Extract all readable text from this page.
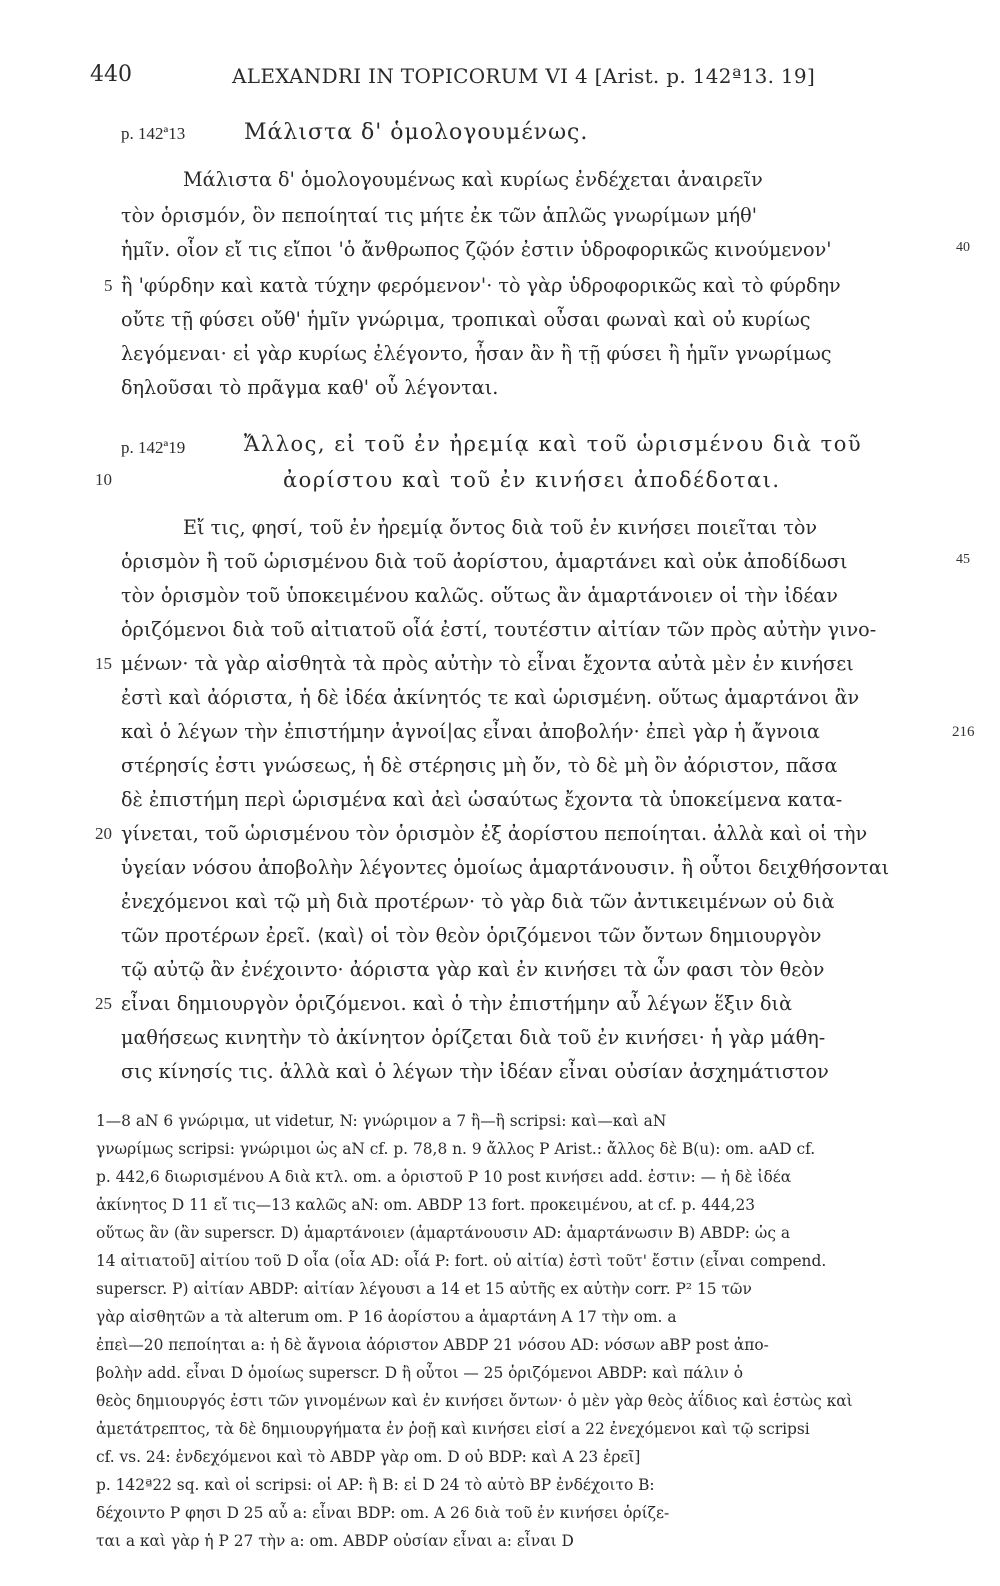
440	ALEXANDRI IN TOPICORUM VI 4 [Arist. p. 142ª13. 19]
p. 142ª13	Μάλιστα δ' ὁμολογουμένως.
Μάλιστα δ' ὁμολογουμένως καὶ κυρίως ἐνδέχεται ἀναιρεῖν
τὸν ὁρισμόν, ὃν πεποίηταί τις μήτε ἐκ τῶν ἁπλῶς γνωρίμων μήθ'
ἡμῖν. οἷον εἴ τις εἴποι 'ὁ ἄνθρωπος ζῷόν ἐστιν ὑδροφορικῶς κινούμενον'
ἢ 'φύρδην καὶ κατὰ τύχην φερόμενον'· τὸ γὰρ ὑδροφορικῶς καὶ τὸ φύρδην
οὔτε τῇ φύσει οὔθ' ἡμῖν γνώριμα, τροπικαὶ οὖσαι φωναὶ καὶ οὐ κυρίως
λεγόμεναι· εἰ γὰρ κυρίως ἐλέγοντο, ἦσαν ἂν ἢ τῇ φύσει ἢ ἡμῖν γνωρίμως
δηλοῦσαι τὸ πρᾶγμα καθ' οὗ λέγονται.
p. 142ª19	Ἄλλος, εἰ τοῦ ἐν ἠρεμίᾳ καὶ τοῦ ὡρισμένου διὰ τοῦ
ἀορίστου καὶ τοῦ ἐν κινήσει ἀποδέδοται.
Εἴ τις, φησί, τοῦ ἐν ἠρεμίᾳ ὄντος διὰ τοῦ ἐν κινήσει ποιεῖται τὸν
ὁρισμὸν ἢ τοῦ ὡρισμένου διὰ τοῦ ἀορίστου, ἁμαρτάνει καὶ οὐκ ἀποδίδωσι
τὸν ὁρισμὸν τοῦ ὑποκειμένου καλῶς. οὕτως ἂν ἁμαρτάνοιεν οἱ τὴν ἰδέαν
ὁριζόμενοι διὰ τοῦ αἰτιατοῦ οἷά ἐστί, τουτέστιν αἰτίαν τῶν πρὸς αὐτὴν γινο-
μένων· τὰ γὰρ αἰσθητὰ τὰ πρὸς αὐτὴν τὸ εἶναι ἔχοντα αὐτὰ μὲν ἐν κινήσει
ἐστὶ καὶ ἀόριστα, ἡ δὲ ἰδέα ἀκίνητός τε καὶ ὡρισμένη. οὕτως ἁμαρτάνοι ἂν
καὶ ὁ λέγων τὴν ἐπιστήμην ἀγνοί|ας εἶναι ἀποβολήν· ἐπεὶ γὰρ ἡ ἄγνοια
στέρησίς ἐστι γνώσεως, ἡ δὲ στέρησις μὴ ὄν, τὸ δὲ μὴ ὂν ἀόριστον, πᾶσα
δὲ ἐπιστήμη περὶ ὡρισμένα καὶ ἀεὶ ὡσαύτως ἔχοντα τὰ ὑποκείμενα κατα-
γίνεται, τοῦ ὡρισμένου τὸν ὁρισμὸν ἐξ ἀορίστου πεποίηται. ἀλλὰ καὶ οἱ τὴν
ὑγείαν νόσου ἀποβολὴν λέγοντες ὁμοίως ἁμαρτάνουσιν. ἢ οὗτοι δειχθήσονται
ἐνεχόμενοι καὶ τῷ μὴ διὰ προτέρων· τὸ γὰρ διὰ τῶν ἀντικειμένων οὐ διὰ
τῶν προτέρων ἐρεῖ. ⟨καὶ⟩ οἱ τὸν θεὸν ὁριζόμενοι τῶν ὄντων δημιουργὸν
τῷ αὐτῷ ἂν ἐνέχοιντο· ἀόριστα γὰρ καὶ ἐν κινήσει τὰ ὧν φασι τὸν θεὸν
εἶναι δημιουργὸν ὁριζόμενοι. καὶ ὁ τὴν ἐπιστήμην αὖ λέγων ἕξιν διὰ
μαθήσεως κινητὴν τὸ ἀκίνητον ὁρίζεται διὰ τοῦ ἐν κινήσει· ἡ γὰρ μάθη-
σις κίνησίς τις. ἀλλὰ καὶ ὁ λέγων τὴν ἰδέαν εἶναι οὐσίαν ἀσχημάτιστον
5
10
15
20
25
40
45
216
1—8 aN 6 γνώριμα, ut videtur, N: γνώριμον a 7 ἢ—ἢ scripsi: καὶ—καὶ aN
γνωρίμως scripsi: γνώριμοι ὡς aN cf. p. 78,8 n. 9 ἄλλος P Arist.: ἄλλος δὲ B(u): om. aAD cf.
p. 442,6 διωρισμένου A διὰ κτλ. om. a ὁριστοῦ P 10 post κινήσει add. ἐστιν: — ἡ δὲ ἰδέα
ἀκίνητος D 11 εἴ τις—13 καλῶς aN: om. ABDP 13 fort. προκειμένου, at cf. p. 444,23
οὕτως ἂν (ἂν superscr. D) ἁμαρτάνοιεν (ἁμαρτάνουσιν AD: ἁμαρτάνωσιν B) ABDP: ὡς a
14 αἰτιατοῦ] αἰτίου τοῦ D οἷα (οἷα AD: οἷά P: fort. οὐ αἰτία) ἐστὶ τοῦτ' ἔστιν (εἶναι compend.
superscr. P) αἰτίαν ABDP: αἰτίαν λέγουσι a 14 et 15 αὐτῆς ex αὐτὴν corr. P² 15 τῶν
γὰρ αἰσθητῶν a τὰ alterum om. P 16 ἀορίστου a ἁμαρτάνη A 17 τὴν om. a
ἐπεὶ—20 πεποίηται a: ἡ δὲ ἄγνοια ἀόριστον ABDP 21 νόσου AD: νόσων aBP post ἀπο-
βολὴν add. εἶναι D ὁμοίως superscr. D ἢ οὗτοι — 25 ὁριζόμενοι ABDP: καὶ πάλιν ὁ
θεὸς δημιουργός ἐστι τῶν γινομένων καὶ ἐν κινήσει ὄντων· ὁ μὲν γὰρ θεὸς ἀΐδιος καὶ ἑστὼς καὶ
ἀμετάτρεπτος, τὰ δὲ δημιουργήματα ἐν ῥοῇ καὶ κινήσει εἰσί a 22 ἐνεχόμενοι καὶ τῷ scripsi
cf. vs. 24: ἐνδεχόμενοι καὶ τὸ ABDP γὰρ om. D οὐ BDP: καὶ A 23 ἐρεῖ]
p. 142ª22 sq. καὶ οἱ scripsi: οἱ AP: ἢ B: εἰ D 24 τὸ αὐτὸ BP ἐνδέχοιτο B:
δέχοιντο P φησι D 25 αὖ a: εἶναι BDP: om. A 26 διὰ τοῦ ἐν κινήσει ὁρίζε-
ται a καὶ γὰρ ἡ P 27 τὴν a: om. ABDP οὐσίαν εἶναι a: εἶναι D
